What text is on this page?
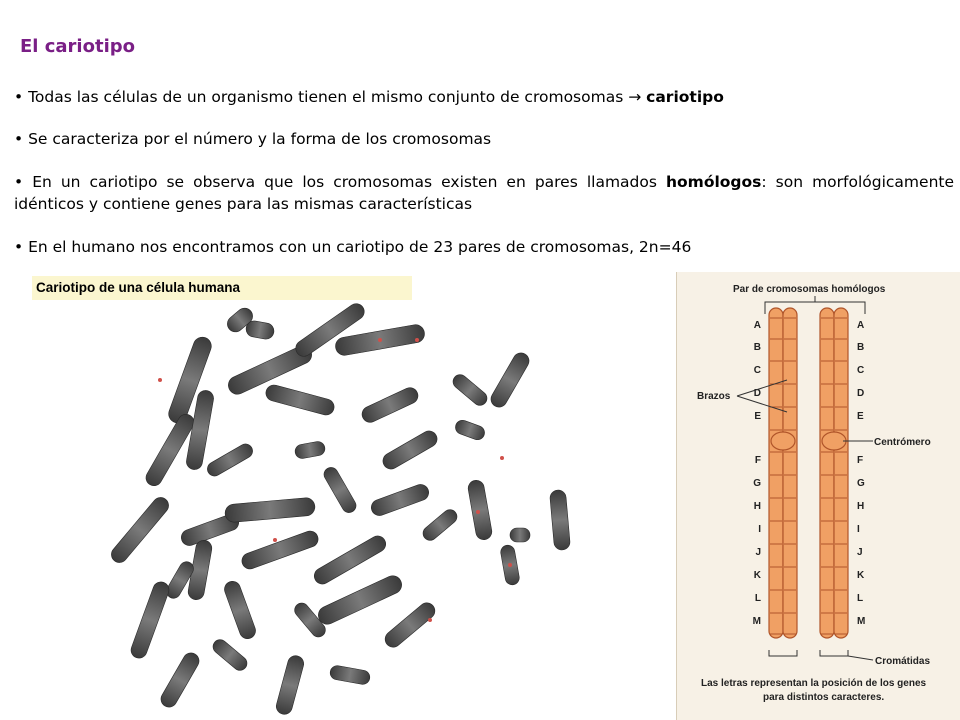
El cariotipo
• Todas las células de un organismo tienen el mismo conjunto de cromosomas → cariotipo
• Se caracteriza por el número y la forma de los cromosomas
• En un cariotipo se observa que los cromosomas existen en pares llamados homólogos: son morfológicamente idénticos y contiene genes para las mismas características
• En el humano nos encontramos con un cariotipo de 23 pares de cromosomas, 2n=46
Cariotipo de una célula humana	Par de cromosomas homólogos
A
B
C
D
E
F
G
H
I
J
K
L
M
A
B
C
D
E
F
G
H
I
J
K
L
M
Brazos
Centrómero
Cromátidas
Las letras representan la posición de los genes
para distintos caracteres.
